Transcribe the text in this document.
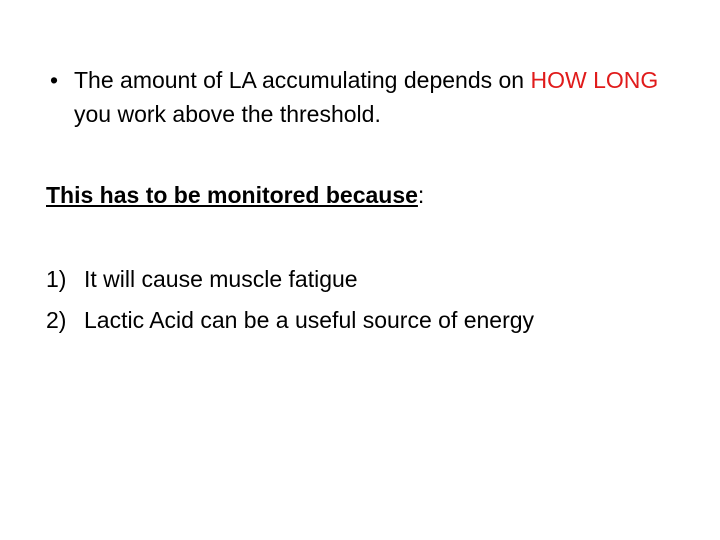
• The amount of LA accumulating depends on HOW LONG you work above the threshold.
This has to be monitored because:
1) It will cause muscle fatigue
2) Lactic Acid can be a useful source of energy
